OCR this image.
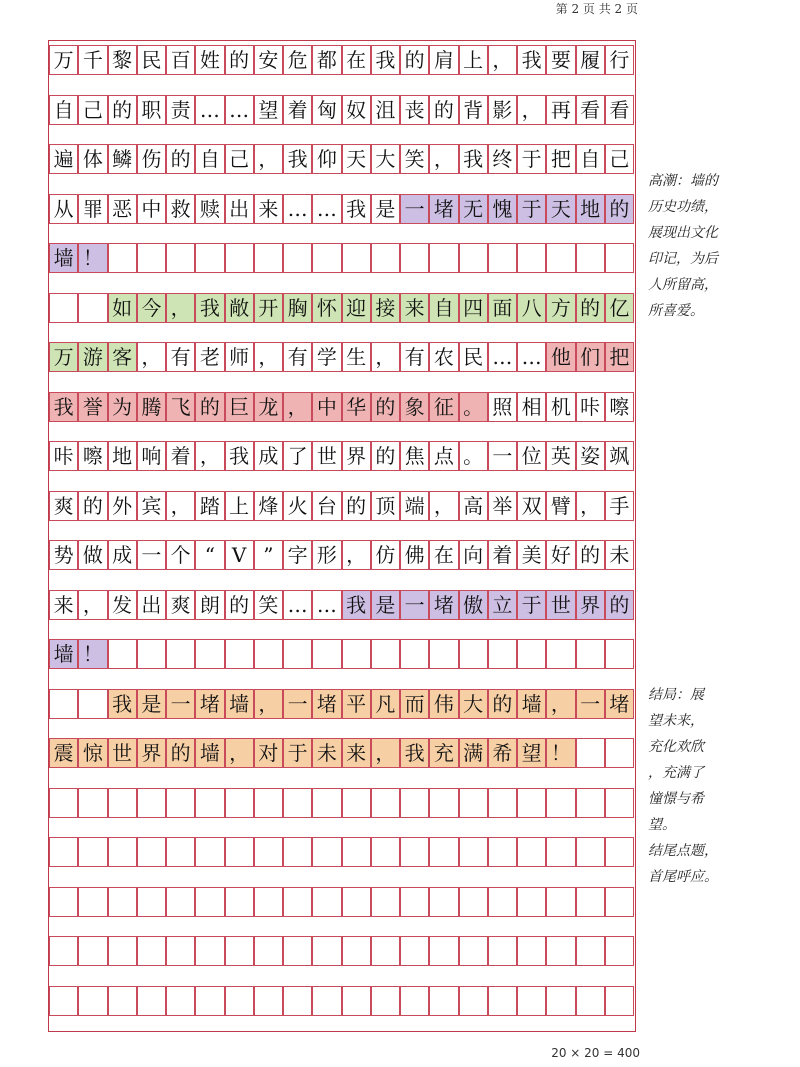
第 2 页 共 2 页
万 千 黎 民 百 姓 的 安 危 都 在 我 的 肩 上 ， 我 要 履 行
自 己 的 职 责 … … 望 着 匈 奴 沮 丧 的 背 影 ， 再 看 看
遍 体 鳞 伤 的 自 己 ， 我 仰 天 大 笑 ， 我 终 于 把 自 己
从 罪 恶 中 救 赎 出 来 … … 我 是 一 堵 无 愧 于 天 地 的
墙 ！
如 今 ， 我 敞 开 胸 怀 迎 接 来 自 四 面 八 方 的 亿
万 游 客 ， 有 老 师 ， 有 学 生 ， 有 农 民 … … 他 们 把
我 誉 为 腾 飞 的 巨 龙 ， 中 华 的 象 征 。 照 相 机 咔 嚓
咔 嚓 地 响 着 ， 我 成 了 世 界 的 焦 点 。 一 位 英 姿 飒
爽 的 外 宾 ， 踏 上 烽 火 台 的 顶 端 ， 高 举 双 臂 ， 手
势 做 成 一 个 “ V ” 字 形 ， 仿 佛 在 向 着 美 好 的 未
来 ， 发 出 爽 朗 的 笑 … … 我 是 一 堵 傲 立 于 世 界 的
墙 ！
我 是 一 堵 墙 ， 一 堵 平 凡 而 伟 大 的 墙 ， 一 堵
震 惊 世 界 的 墙 ， 对 于 未 来 ， 我 充 满 希 望 ！
高潮：墙的
历史功绩，
展现出文化
印记，为后
人所留高，
所喜爱。
结局：展
望未来，
充化欢欣
，充满了
憧憬与希
望。
结尾点题，
首尾呼应。
20 × 20 = 400
